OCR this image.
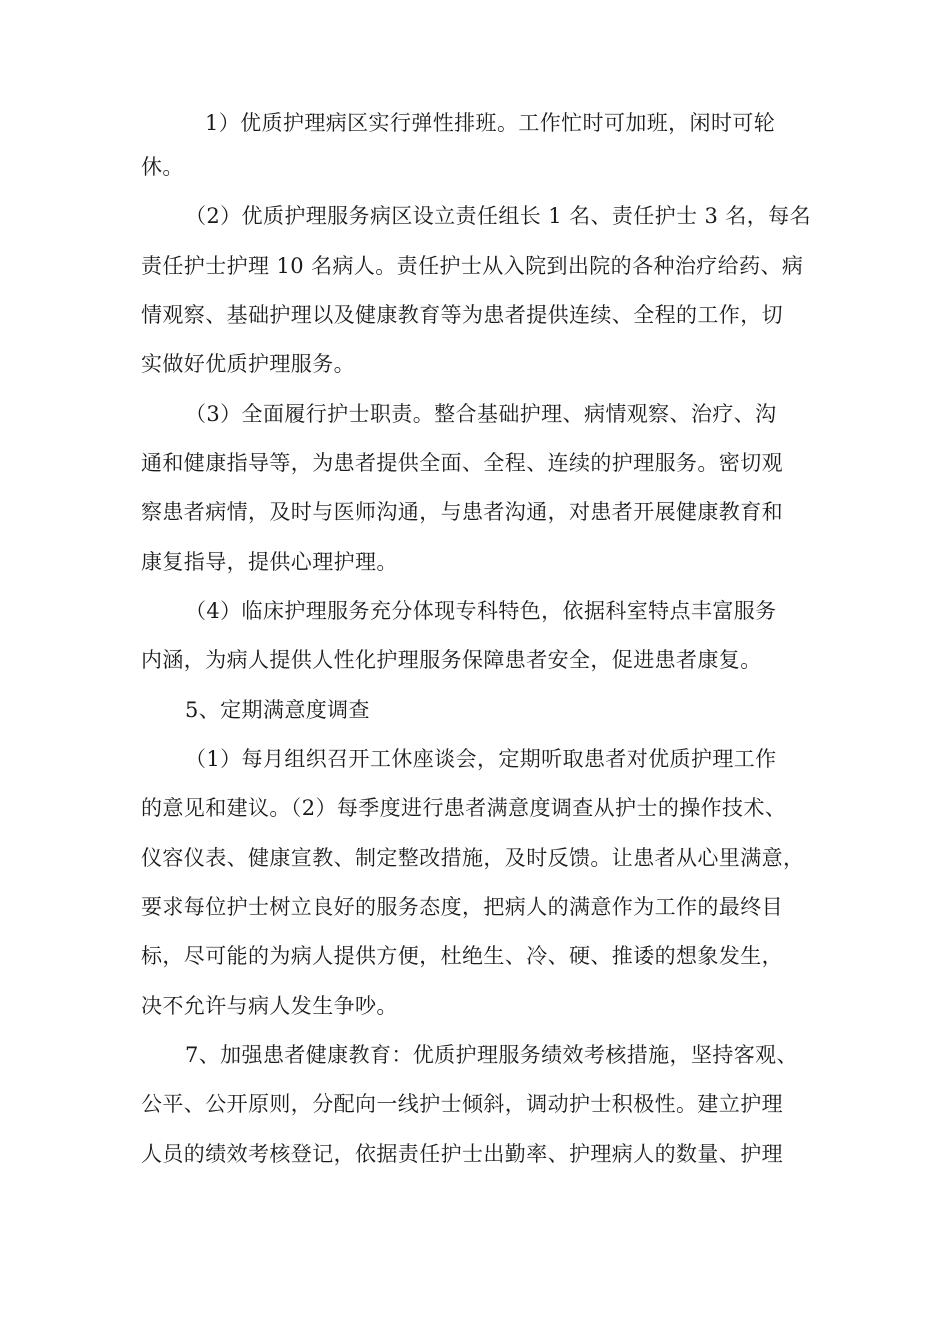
1）优质护理病区实行弹性排班。工作忙时可加班，闲时可轮
休。
（2）优质护理服务病区设立责任组长 1 名、责任护士 3 名，每名
责任护士护理 10 名病人。责任护士从入院到出院的各种治疗给药、病
情观察、基础护理以及健康教育等为患者提供连续、全程的工作，切
实做好优质护理服务。
（3）全面履行护士职责。整合基础护理、病情观察、治疗、沟
通和健康指导等，为患者提供全面、全程、连续的护理服务。密切观
察患者病情，及时与医师沟通，与患者沟通，对患者开展健康教育和
康复指导，提供心理护理。
（4）临床护理服务充分体现专科特色，依据科室特点丰富服务
内涵，为病人提供人性化护理服务保障患者安全，促进患者康复。
5、定期满意度调查
（1）每月组织召开工休座谈会，定期听取患者对优质护理工作
的意见和建议。（2）每季度进行患者满意度调查从护士的操作技术、
仪容仪表、健康宣教、制定整改措施，及时反馈。让患者从心里满意，
要求每位护士树立良好的服务态度，把病人的满意作为工作的最终目
标，尽可能的为病人提供方便，杜绝生、冷、硬、推诿的想象发生，
决不允许与病人发生争吵。
7、加强患者健康教育：优质护理服务绩效考核措施，坚持客观、
公平、公开原则，分配向一线护士倾斜，调动护士积极性。建立护理
人员的绩效考核登记，依据责任护士出勤率、护理病人的数量、护理
